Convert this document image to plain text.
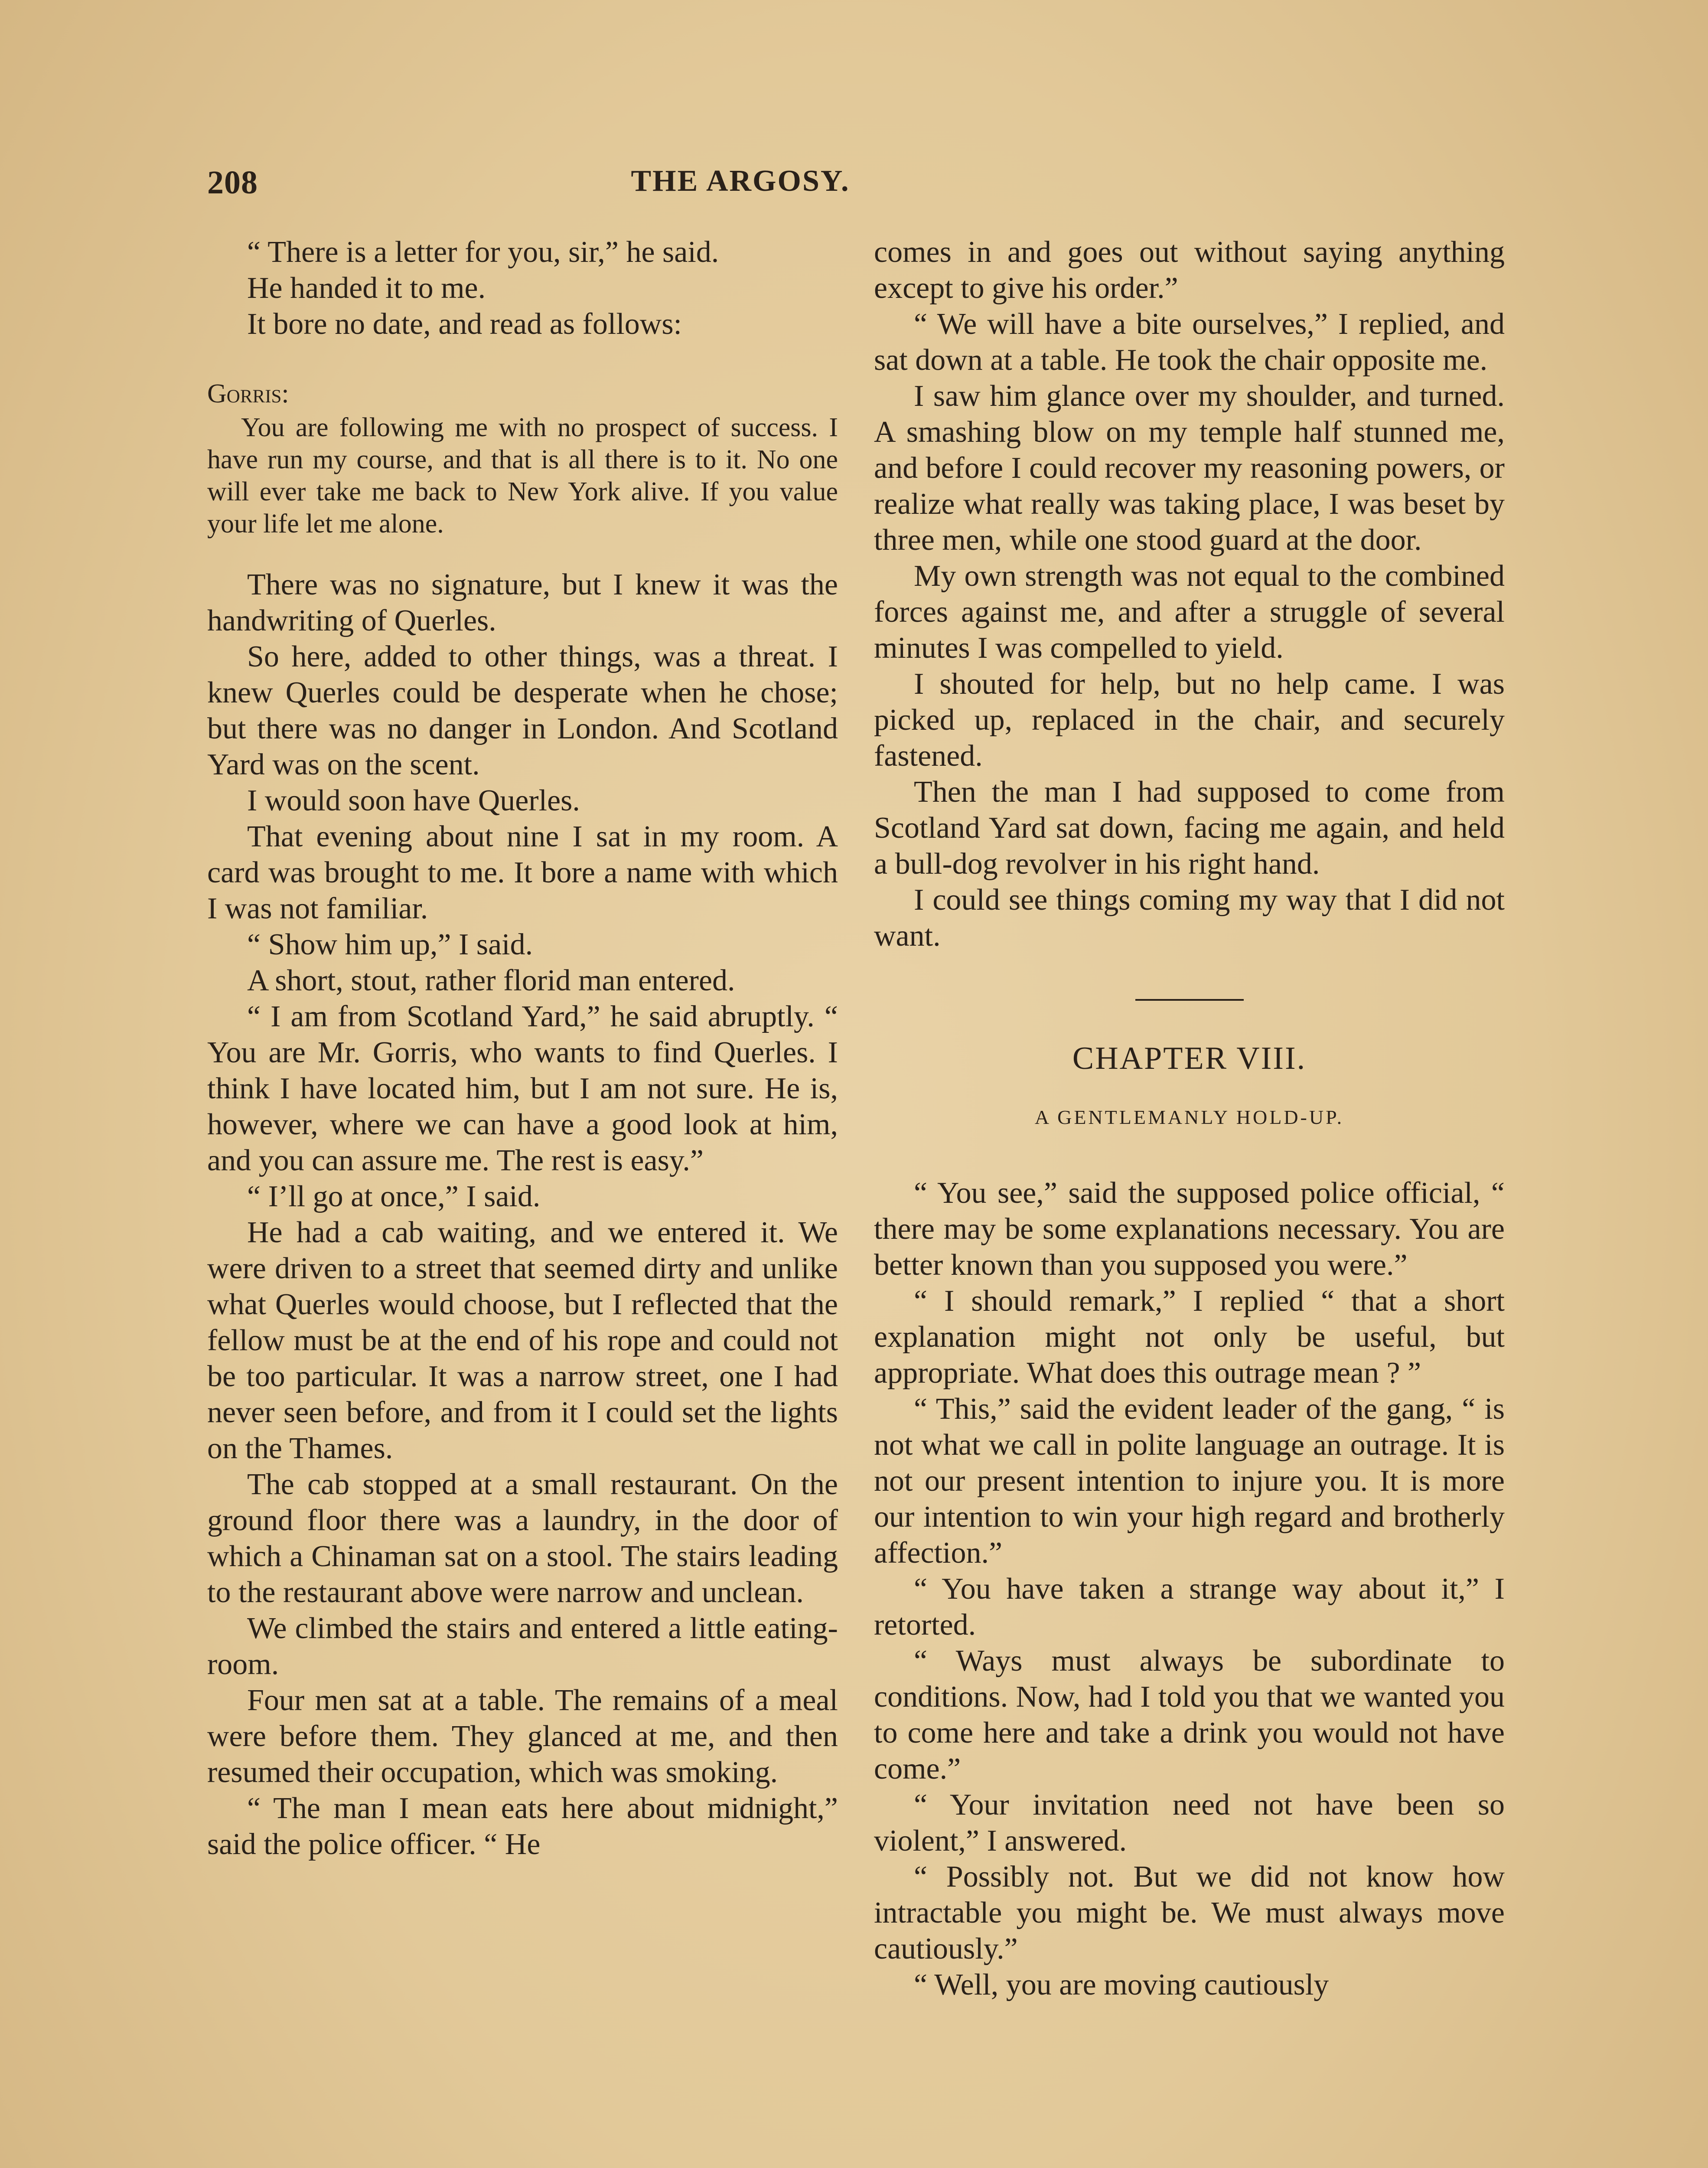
208	THE ARGOSY.

“ There is a letter for you, sir,” he said.

He handed it to me.

It bore no date, and read as follows:

Gorris:
You are following me with no prospect of success. I have run my course, and that is all there is to it. No one will ever take me back to New York alive. If you value your life let me alone.

There was no signature, but I knew it was the handwriting of Querles.

So here, added to other things, was a threat. I knew Querles could be desperate when he chose; but there was no danger in London. And Scotland Yard was on the scent.

I would soon have Querles.

That evening about nine I sat in my room. A card was brought to me. It bore a name with which I was not familiar.

“ Show him up,” I said.

A short, stout, rather florid man entered.

“ I am from Scotland Yard,” he said abruptly. “ You are Mr. Gorris, who wants to find Querles. I think I have located him, but I am not sure. He is, however, where we can have a good look at him, and you can assure me. The rest is easy.”

“ I’ll go at once,” I said.

He had a cab waiting, and we entered it. We were driven to a street that seemed dirty and unlike what Querles would choose, but I reflected that the fellow must be at the end of his rope and could not be too particular. It was a narrow street, one I had never seen before, and from it I could set the lights on the Thames.

The cab stopped at a small restaurant. On the ground floor there was a laundry, in the door of which a Chinaman sat on a stool. The stairs leading to the restaurant above were narrow and unclean.

We climbed the stairs and entered a little eating-room.

Four men sat at a table. The remains of a meal were before them. They glanced at me, and then resumed their occupation, which was smoking.

“ The man I mean eats here about midnight,” said the police officer. “ He

comes in and goes out without saying anything except to give his order.”

“ We will have a bite ourselves,” I replied, and sat down at a table. He took the chair opposite me.

I saw him glance over my shoulder, and turned. A smashing blow on my temple half stunned me, and before I could recover my reasoning powers, or realize what really was taking place, I was beset by three men, while one stood guard at the door.

My own strength was not equal to the combined forces against me, and after a struggle of several minutes I was compelled to yield.

I shouted for help, but no help came. I was picked up, replaced in the chair, and securely fastened.

Then the man I had supposed to come from Scotland Yard sat down, facing me again, and held a bull-dog revolver in his right hand.

I could see things coming my way that I did not want.

CHAPTER VIII.
A GENTLEMANLY HOLD-UP.

“ You see,” said the supposed police official, “ there may be some explanations necessary. You are better known than you supposed you were.”

“ I should remark,” I replied “ that a short explanation might not only be useful, but appropriate. What does this outrage mean ? ”

“ This,” said the evident leader of the gang, “ is not what we call in polite language an outrage. It is not our present intention to injure you. It is more our intention to win your high regard and brotherly affection.”

“ You have taken a strange way about it,” I retorted.

“ Ways must always be subordinate to conditions. Now, had I told you that we wanted you to come here and take a drink you would not have come.”

“ Your invitation need not have been so violent,” I answered.

“ Possibly not. But we did not know how intractable you might be. We must always move cautiously.”

“ Well, you are moving cautiously
